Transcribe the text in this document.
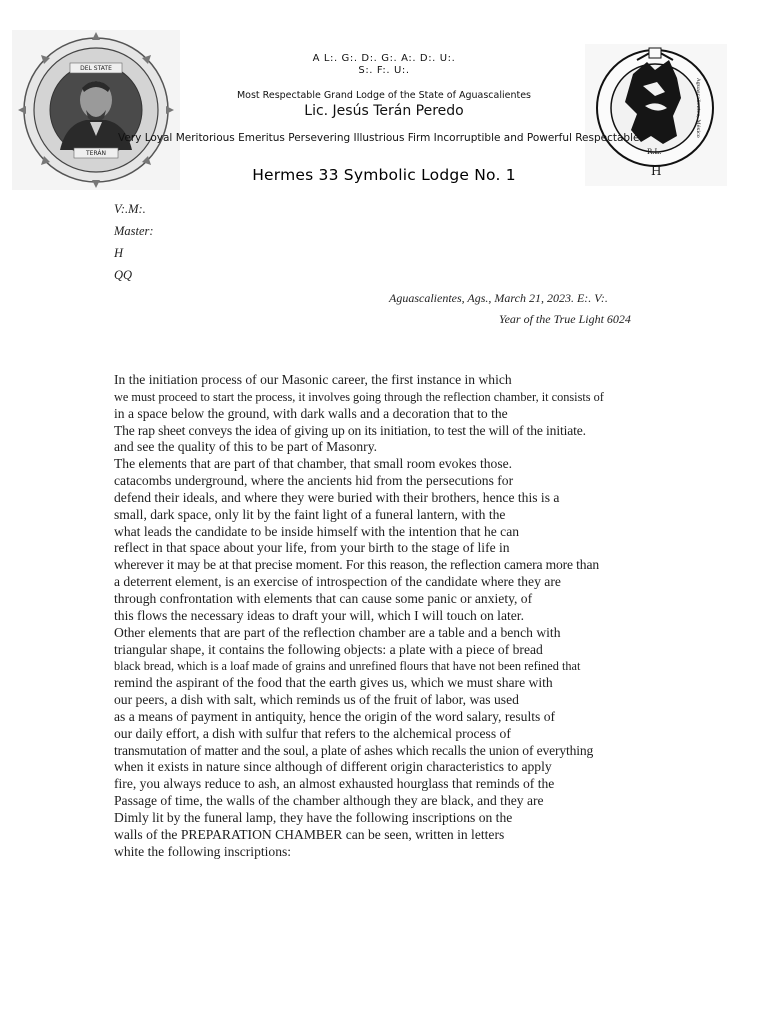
DEL STATE
TERÁN	R.L.
Aguascalientes, México
H
A L:. G:. D:. G:. A:. D:. U:.
S:. F:. U:.
Most Respectable Grand Lodge of the State of Aguascalientes
Lic. Jesús Terán Peredo
Very Loyal Meritorious Emeritus Persevering Illustrious Firm Incorruptible and Powerful Respectable
Hermes 33 Symbolic Lodge No. 1
V:.M:.
Master:
H
QQ
Aguascalientes, Ags., March 21, 2023. E:. V:.
Year of the True Light 6024
In the initiation process of our Masonic career, the first instance in which
we must proceed to start the process, it involves going through the reflection chamber, it consists of
in a space below the ground, with dark walls and a decoration that to the
The rap sheet conveys the idea of giving up on its initiation, to test the will of the initiate.
and see the quality of this to be part of Masonry.
The elements that are part of that chamber, that small room evokes those.
catacombs underground, where the ancients hid from the persecutions for
defend their ideals, and where they were buried with their brothers, hence this is a
small, dark space, only lit by the faint light of a funeral lantern, with the
what leads the candidate to be inside himself with the intention that he can
reflect in that space about your life, from your birth to the stage of life in
wherever it may be at that precise moment. For this reason, the reflection camera more than
a deterrent element, is an exercise of introspection of the candidate where they are
through confrontation with elements that can cause some panic or anxiety, of
this flows the necessary ideas to draft your will, which I will touch on later.
Other elements that are part of the reflection chamber are a table and a bench with
triangular shape, it contains the following objects: a plate with a piece of bread
black bread, which is a loaf made of grains and unrefined flours that have not been refined that
remind the aspirant of the food that the earth gives us, which we must share with
our peers, a dish with salt, which reminds us of the fruit of labor, was used
as a means of payment in antiquity, hence the origin of the word salary, results of
our daily effort, a dish with sulfur that refers to the alchemical process of
transmutation of matter and the soul, a plate of ashes which recalls the union of everything
when it exists in nature since although of different origin characteristics to apply
fire, you always reduce to ash, an almost exhausted hourglass that reminds of the
Passage of time, the walls of the chamber although they are black, and they are
Dimly lit by the funeral lamp, they have the following inscriptions on the
walls of the PREPARATION CHAMBER can be seen, written in letters
white the following inscriptions:
